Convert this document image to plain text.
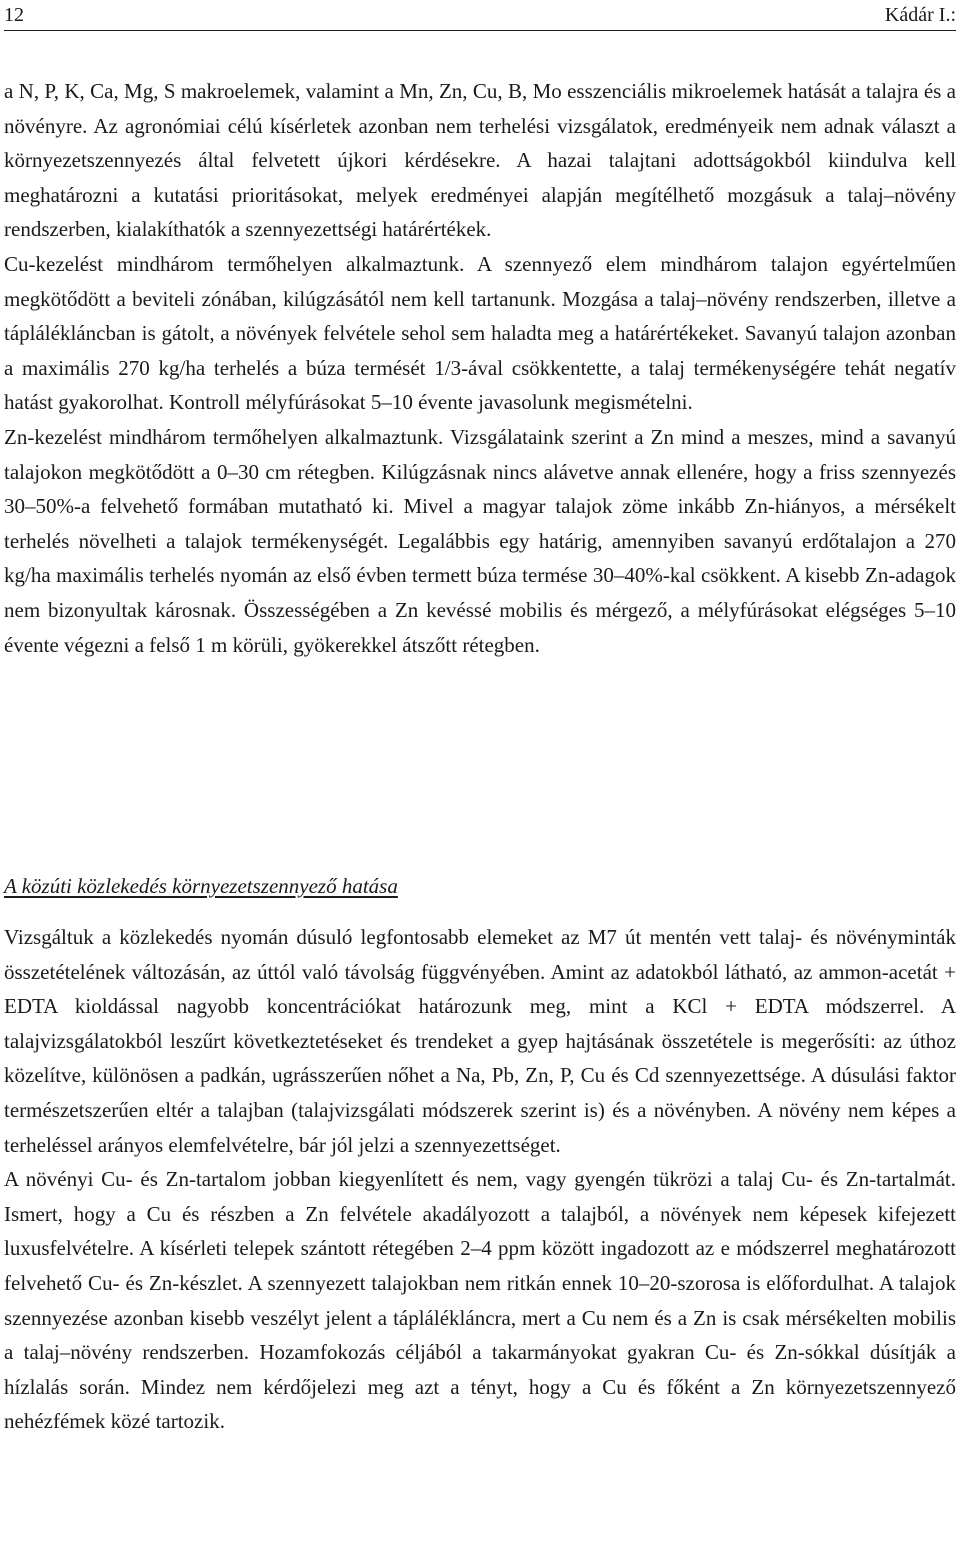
12	Kádár I.:

a N, P, K, Ca, Mg, S makroelemek, valamint a Mn, Zn, Cu, B, Mo esszenciális mikroelemek hatását a talajra és a növényre. Az agronómiai célú kísérletek azonban nem terhelési vizsgálatok, eredményeik nem adnak választ a környezetszennyezés által felvetett újkori kérdésekre. A hazai talajtani adottságokból kiindulva kell meghatározni a kutatási prioritásokat, melyek eredményei alapján megítélhető mozgásuk a talaj–növény rendszerben, kialakíthatók a szennyezettségi határértékek.

Cu-kezelést mindhárom termőhelyen alkalmaztunk. A szennyező elem mindhárom talajon egyértelműen megkötődött a beviteli zónában, kilúgzásától nem kell tartanunk. Mozgása a talaj–növény rendszerben, illetve a táplálékláncban is gátolt, a növények felvétele sehol sem haladta meg a határértékeket. Savanyú talajon azonban a maximális 270 kg/ha terhelés a búza termését 1/3-ával csökkentette, a talaj termékenységére tehát negatív hatást gyakorolhat. Kontroll mélyfúrásokat 5–10 évente javasolunk megismételni.

Zn-kezelést mindhárom termőhelyen alkalmaztunk. Vizsgálataink szerint a Zn mind a meszes, mind a savanyú talajokon megkötődött a 0–30 cm rétegben. Kilúgzásnak nincs alávetve annak ellenére, hogy a friss szennyezés 30–50%-a felvehető formában mutatható ki. Mivel a magyar talajok zöme inkább Zn-hiányos, a mérsékelt terhelés növelheti a talajok termékenységét. Legalábbis egy határig, amennyiben savanyú erdőtalajon a 270 kg/ha maximális terhelés nyomán az első évben termett búza termése 30–40%-kal csökkent. A kisebb Zn-adagok nem bizonyultak károsnak. Összességében a Zn kevéssé mobilis és mérgező, a mélyfúrásokat elégséges 5–10 évente végezni a felső 1 m körüli, gyökerekkel átszőtt rétegben.

A közúti közlekedés környezetszennyező hatása

Vizsgáltuk a közlekedés nyomán dúsuló legfontosabb elemeket az M7 út mentén vett talaj- és növényminták összetételének változásán, az úttól való távolság függvényében. Amint az adatokból látható, az ammon-acetát + EDTA kioldással nagyobb koncentrációkat határozunk meg, mint a KCl + EDTA módszerrel. A talajvizsgálatokból leszűrt következtetéseket és trendeket a gyep hajtásának összetétele is megerősíti: az úthoz közelítve, különösen a padkán, ugrásszerűen nőhet a Na, Pb, Zn, P, Cu és Cd szennyezettsége. A dúsulási faktor természetszerűen eltér a talajban (talajvizsgálati módszerek szerint is) és a növényben. A növény nem képes a terheléssel arányos elemfelvételre, bár jól jelzi a szennyezettséget.

A növényi Cu- és Zn-tartalom jobban kiegyenlített és nem, vagy gyengén tükrözi a talaj Cu- és Zn-tartalmát. Ismert, hogy a Cu és részben a Zn felvétele akadályozott a talajból, a növények nem képesek kifejezett luxusfelvételre. A kísérleti telepek szántott rétegében 2–4 ppm között ingadozott az e módszerrel meghatározott felvehető Cu- és Zn-készlet. A szennyezett talajokban nem ritkán ennek 10–20-szorosa is előfordulhat. A talajok szennyezése azonban kisebb veszélyt jelent a táplálékláncra, mert a Cu nem és a Zn is csak mérsékelten mobilis a talaj–növény rendszerben. Hozamfokozás céljából a takarmányokat gyakran Cu- és Zn-sókkal dúsítják a hízlalás során. Mindez nem kérdőjelezi meg azt a tényt, hogy a Cu és főként a Zn környezetszennyező nehézfémek közé tartozik.
